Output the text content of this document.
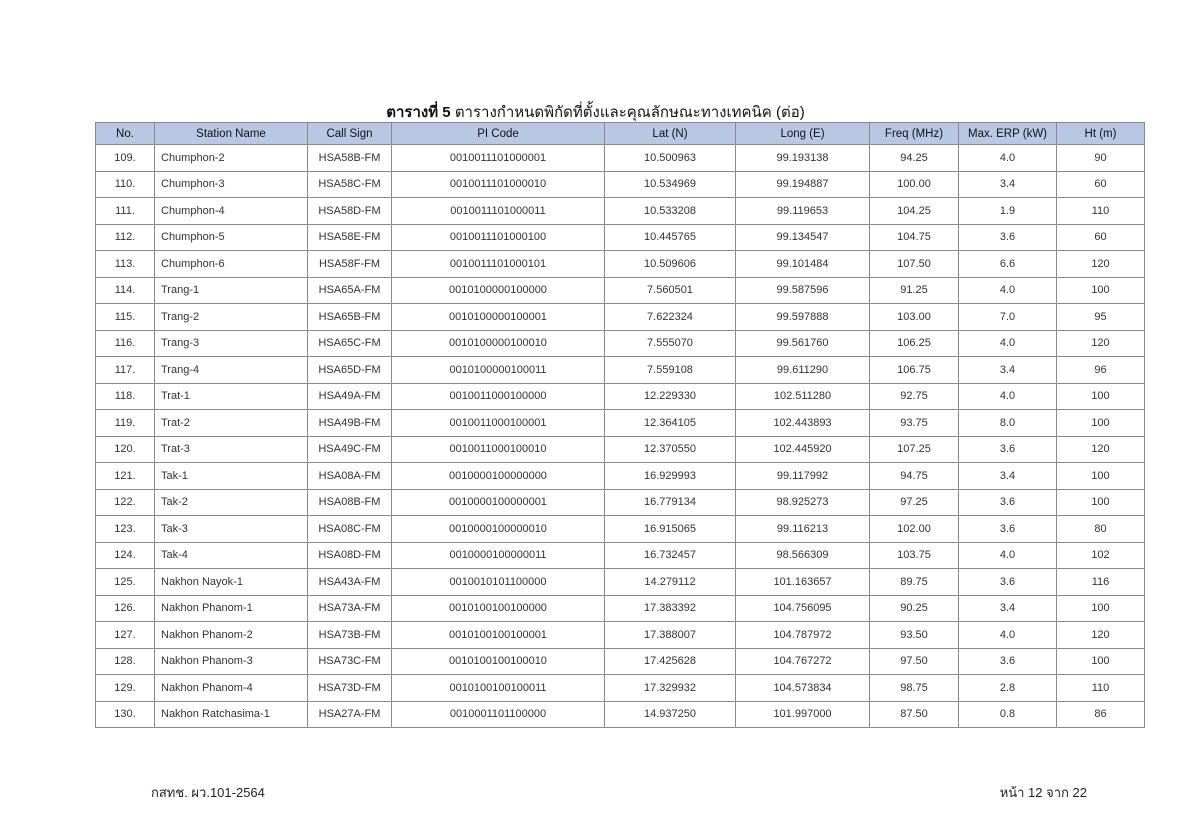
ตารางที่ 5 ตารางกำหนดพิกัดที่ตั้งและคุณลักษณะทางเทคนิค (ต่อ)
No.	Station Name	Call Sign	PI Code	Lat (N)	Long (E)	Freq (MHz)	Max. ERP (kW)	Ht (m)
109.	Chumphon-2	HSA58B-FM	0010011101000001	10.500963	99.193138	94.25	4.0	90
110.	Chumphon-3	HSA58C-FM	0010011101000010	10.534969	99.194887	100.00	3.4	60
111.	Chumphon-4	HSA58D-FM	0010011101000011	10.533208	99.119653	104.25	1.9	110
112.	Chumphon-5	HSA58E-FM	0010011101000100	10.445765	99.134547	104.75	3.6	60
113.	Chumphon-6	HSA58F-FM	0010011101000101	10.509606	99.101484	107.50	6.6	120
114.	Trang-1	HSA65A-FM	0010100000100000	7.560501	99.587596	91.25	4.0	100
115.	Trang-2	HSA65B-FM	0010100000100001	7.622324	99.597888	103.00	7.0	95
116.	Trang-3	HSA65C-FM	0010100000100010	7.555070	99.561760	106.25	4.0	120
117.	Trang-4	HSA65D-FM	0010100000100011	7.559108	99.611290	106.75	3.4	96
118.	Trat-1	HSA49A-FM	0010011000100000	12.229330	102.511280	92.75	4.0	100
119.	Trat-2	HSA49B-FM	0010011000100001	12.364105	102.443893	93.75	8.0	100
120.	Trat-3	HSA49C-FM	0010011000100010	12.370550	102.445920	107.25	3.6	120
121.	Tak-1	HSA08A-FM	0010000100000000	16.929993	99.117992	94.75	3.4	100
122.	Tak-2	HSA08B-FM	0010000100000001	16.779134	98.925273	97.25	3.6	100
123.	Tak-3	HSA08C-FM	0010000100000010	16.915065	99.116213	102.00	3.6	80
124.	Tak-4	HSA08D-FM	0010000100000011	16.732457	98.566309	103.75	4.0	102
125.	Nakhon Nayok-1	HSA43A-FM	0010010101100000	14.279112	101.163657	89.75	3.6	116
126.	Nakhon Phanom-1	HSA73A-FM	0010100100100000	17.383392	104.756095	90.25	3.4	100
127.	Nakhon Phanom-2	HSA73B-FM	0010100100100001	17.388007	104.787972	93.50	4.0	120
128.	Nakhon Phanom-3	HSA73C-FM	0010100100100010	17.425628	104.767272	97.50	3.6	100
129.	Nakhon Phanom-4	HSA73D-FM	0010100100100011	17.329932	104.573834	98.75	2.8	110
130.	Nakhon Ratchasima-1	HSA27A-FM	0010001101100000	14.937250	101.997000	87.50	0.8	86
กสทช. ผว.101-2564	หน้า 12 จาก 22
